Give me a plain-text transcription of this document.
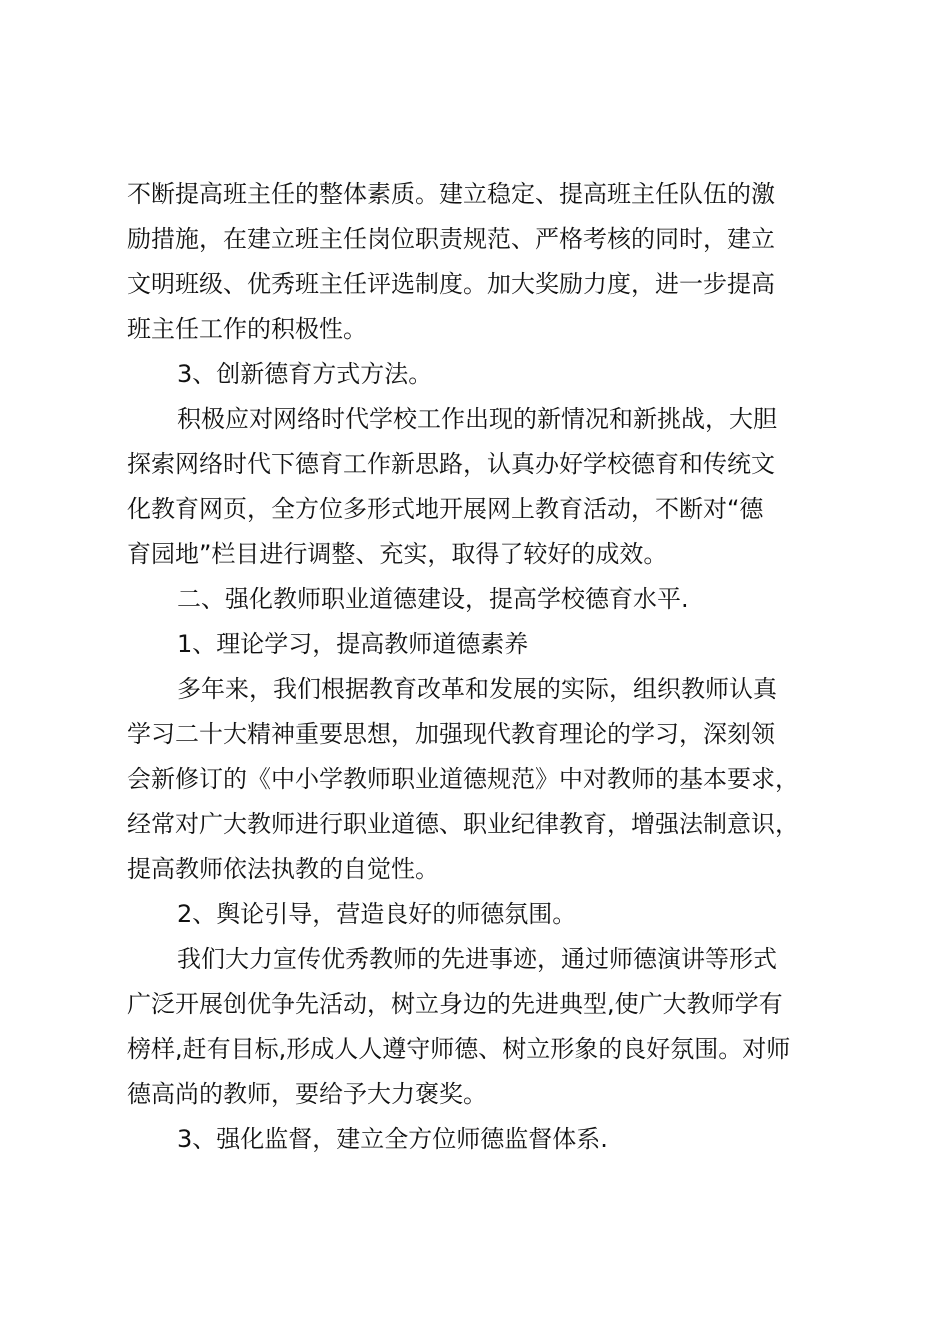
不断提高班主任的整体素质。建立稳定、提高班主任队伍的激
励措施，在建立班主任岗位职责规范、严格考核的同时，建立
文明班级、优秀班主任评选制度。加大奖励力度，进一步提高
班主任工作的积极性。
3、创新德育方式方法。
积极应对网络时代学校工作出现的新情况和新挑战，大胆
探索网络时代下德育工作新思路，认真办好学校德育和传统文
化教育网页，全方位多形式地开展网上教育活动，不断对“德
育园地”栏目进行调整、充实，取得了较好的成效。
二、强化教师职业道德建设，提高学校德育水平.
1、理论学习，提高教师道德素养
多年来，我们根据教育改革和发展的实际，组织教师认真
学习二十大精神重要思想，加强现代教育理论的学习，深刻领
会新修订的《中小学教师职业道德规范》中对教师的基本要求，
经常对广大教师进行职业道德、职业纪律教育，增强法制意识，
提高教师依法执教的自觉性。
2、舆论引导，营造良好的师德氛围。
我们大力宣传优秀教师的先进事迹，通过师德演讲等形式
广泛开展创优争先活动，树立身边的先进典型,使广大教师学有
榜样,赶有目标,形成人人遵守师德、树立形象的良好氛围。对师
德高尚的教师，要给予大力褒奖。
3、强化监督，建立全方位师德监督体系.
